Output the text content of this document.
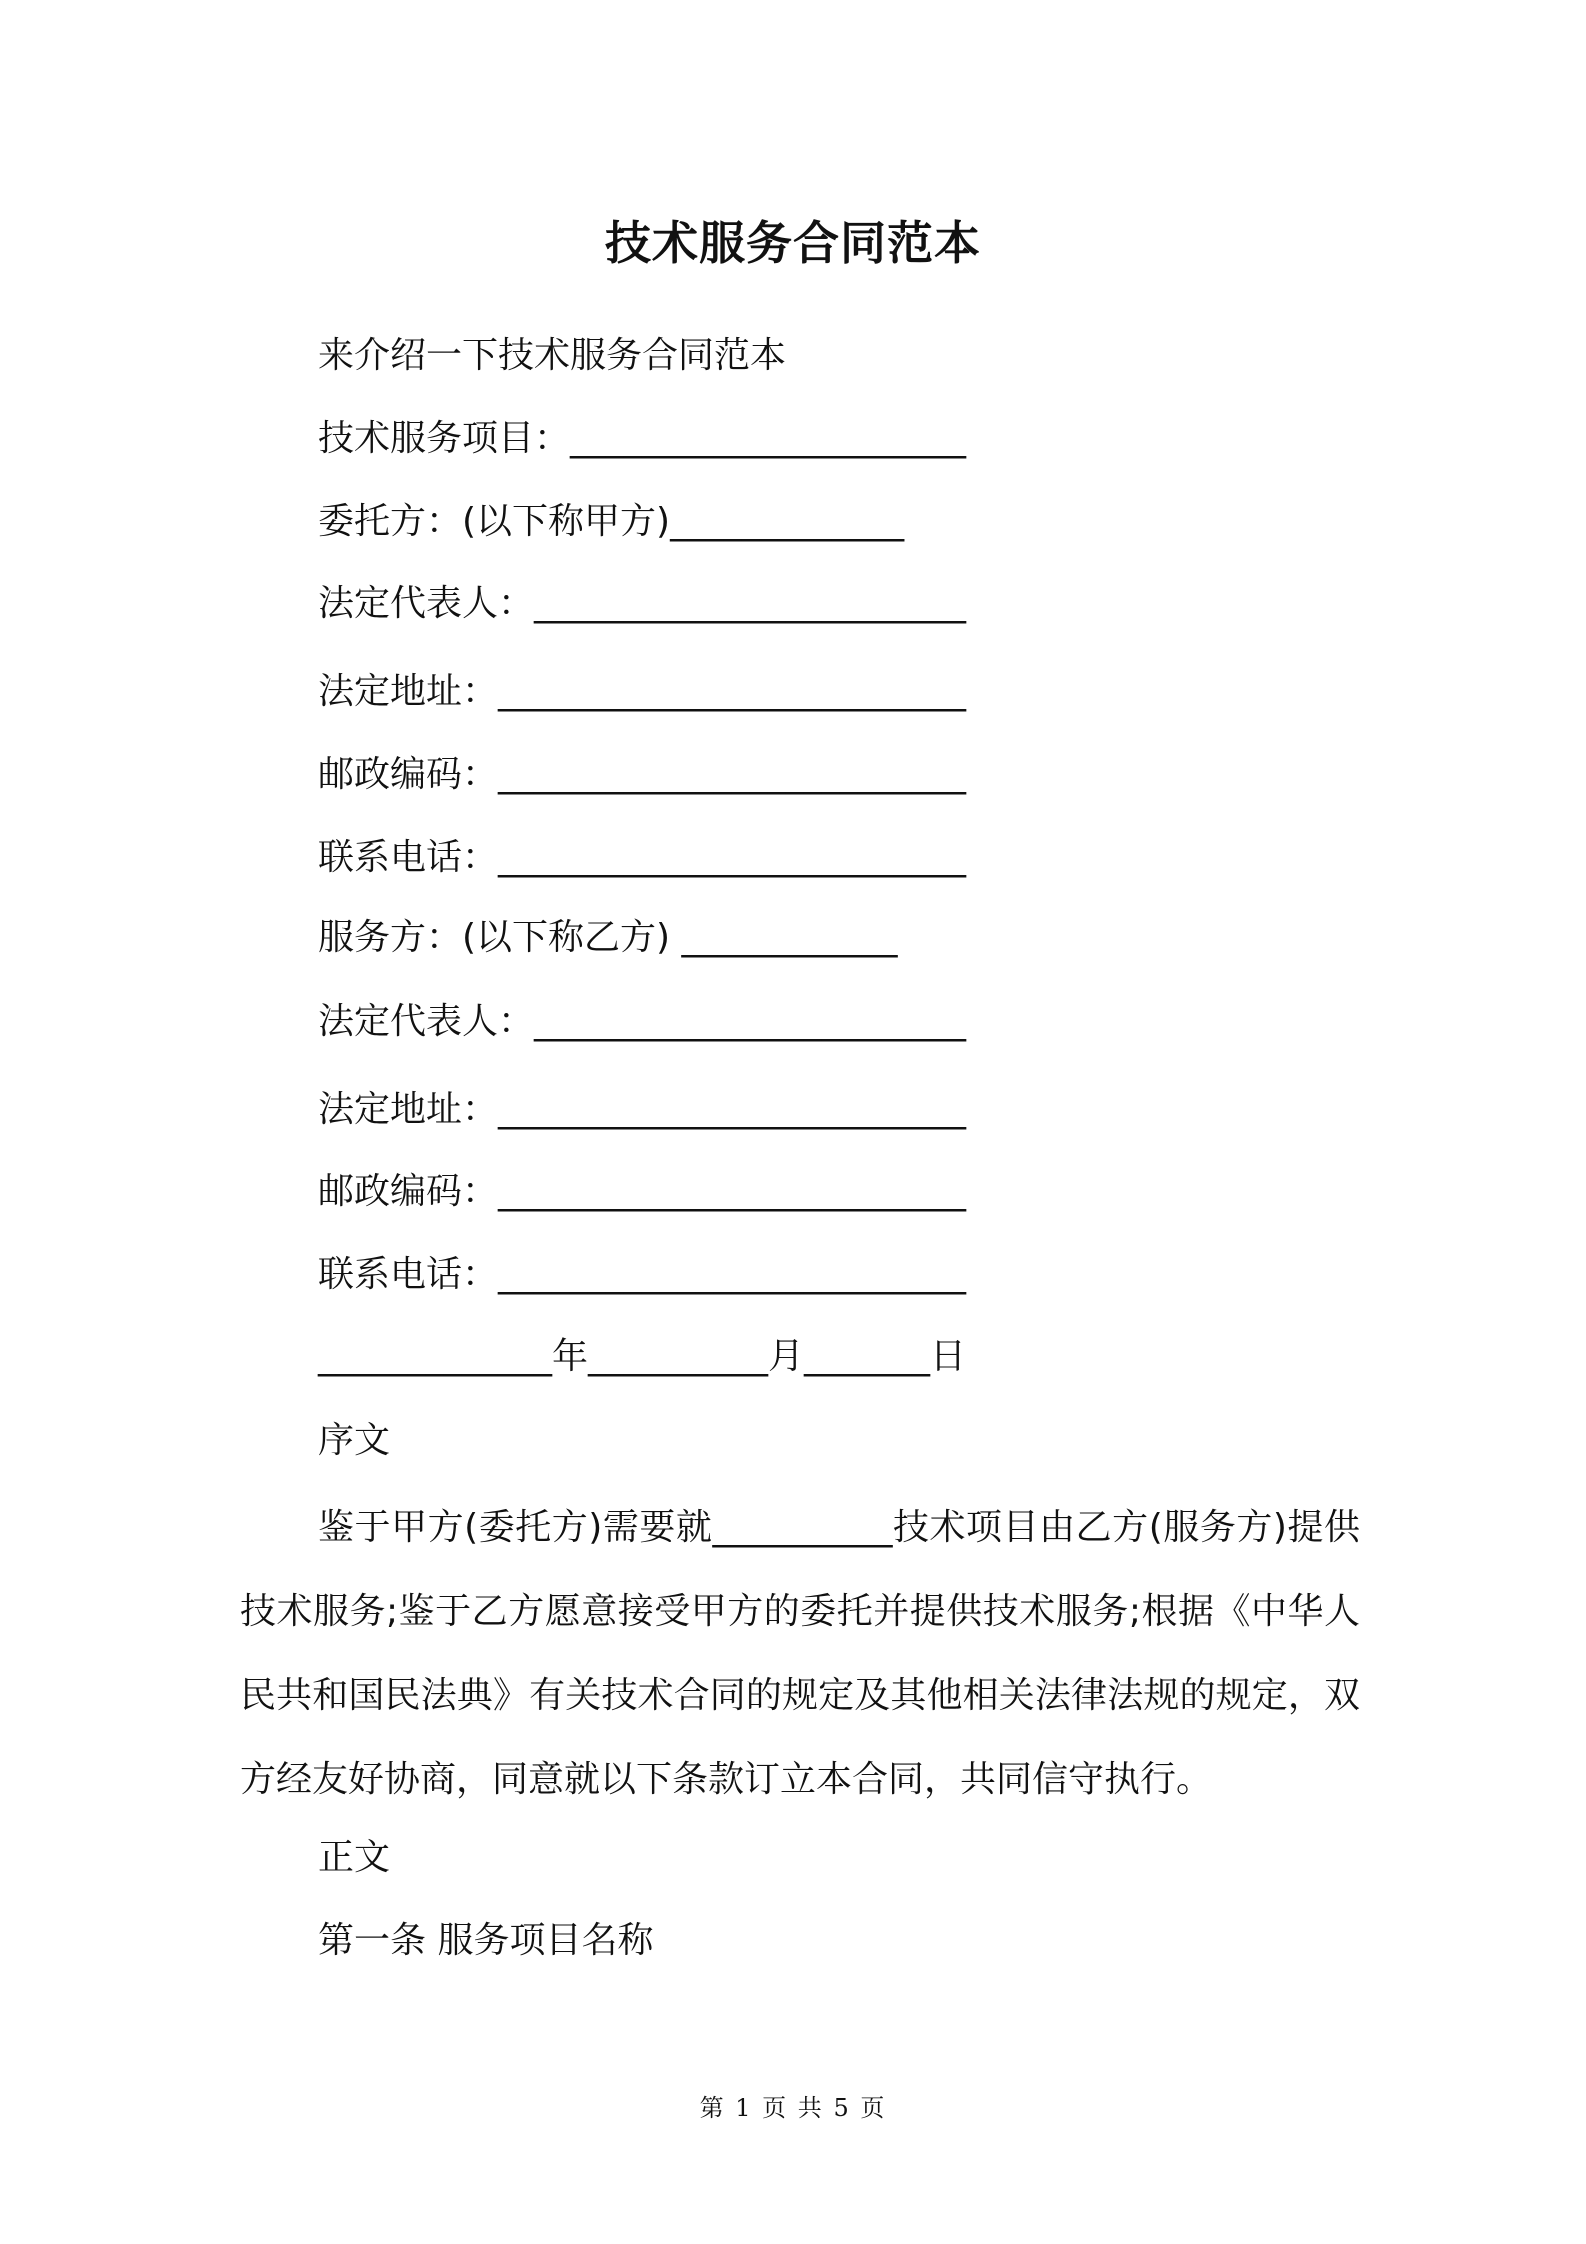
技术服务合同范本
来介绍一下技术服务合同范本
技术服务项目：______________________
委托方：(以下称甲方)_____________
法定代表人：________________________
法定地址：__________________________
邮政编码：__________________________
联系电话：__________________________
服务方：(以下称乙方) ____________
法定代表人：________________________
法定地址：__________________________
邮政编码：__________________________
联系电话：__________________________
_____________年__________月_______日
序文
鉴于甲方(委托方)需要就__________技术项目由乙方(服务方)提供技术服务;鉴于乙方愿意接受甲方的委托并提供技术服务;根据《中华人民共和国民法典》有关技术合同的规定及其他相关法律法规的规定，双方经友好协商，同意就以下条款订立本合同，共同信守执行。
正文
第一条 服务项目名称
第 1 页 共 5 页
